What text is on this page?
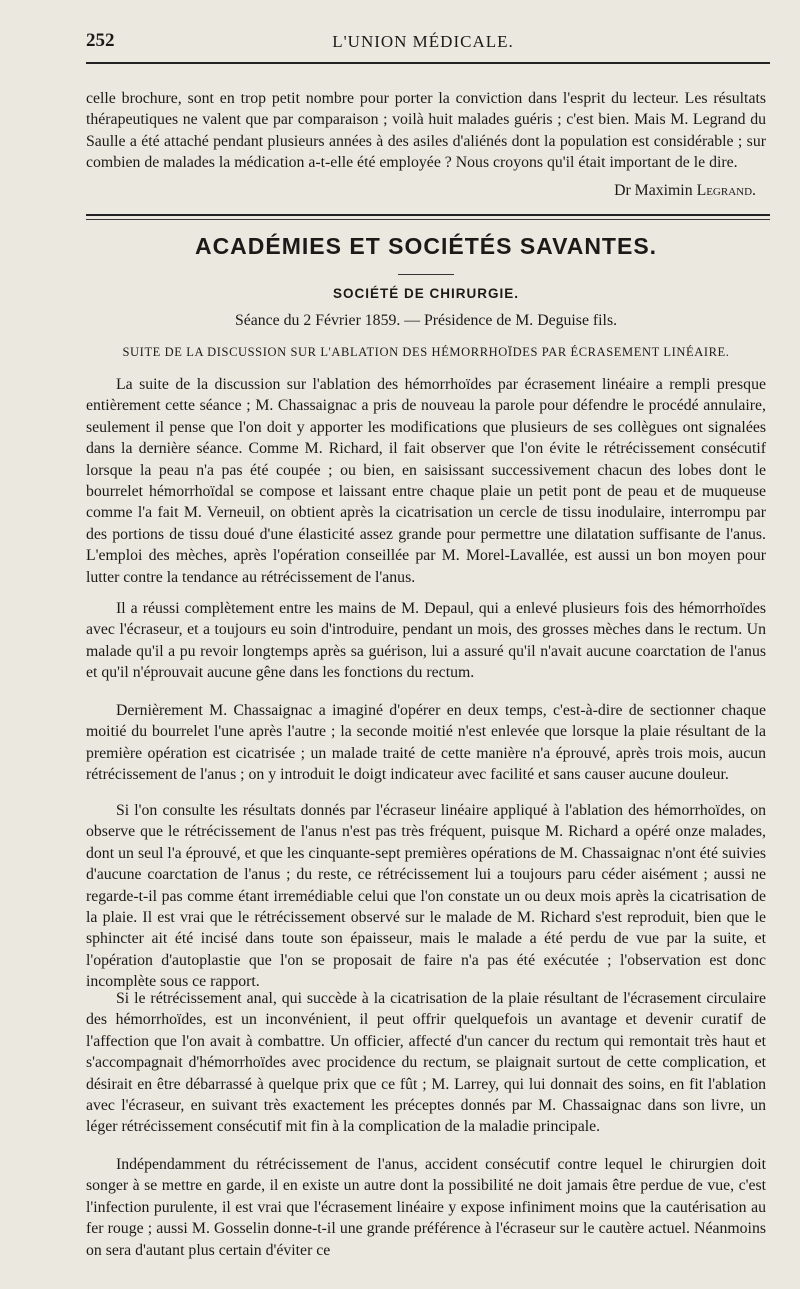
252	L'UNION MÉDICALE.

celle brochure, sont en trop petit nombre pour porter la conviction dans l'esprit du lecteur. Les résultats thérapeutiques ne valent que par comparaison ; voilà huit malades guéris ; c'est bien. Mais M. Legrand du Saulle a été attaché pendant plusieurs années à des asiles d'aliénés dont la population est considérable ; sur combien de malades la médication a-t-elle été employée ? Nous croyons qu'il était important de le dire.

Dr Maximin Legrand.
ACADÉMIES ET SOCIÉTÉS SAVANTES.
SOCIÉTÉ DE CHIRURGIE.
Séance du 2 Février 1859. — Présidence de M. Deguise fils.
SUITE DE LA DISCUSSION SUR L'ABLATION DES HÉMORRHOÏDES PAR ÉCRASEMENT LINÉAIRE.

La suite de la discussion sur l'ablation des hémorrhoïdes par écrasement linéaire a rempli presque entièrement cette séance ; M. Chassaignac a pris de nouveau la parole pour défendre le procédé annulaire, seulement il pense que l'on doit y apporter les modifications que plusieurs de ses collègues ont signalées dans la dernière séance. Comme M. Richard, il fait observer que l'on évite le rétrécissement consécutif lorsque la peau n'a pas été coupée ; ou bien, en saisissant successivement chacun des lobes dont le bourrelet hémorrhoïdal se compose et laissant entre chaque plaie un petit pont de peau et de muqueuse comme l'a fait M. Verneuil, on obtient après la cicatrisation un cercle de tissu inodulaire, interrompu par des portions de tissu doué d'une élasticité assez grande pour permettre une dilatation suffisante de l'anus. L'emploi des mèches, après l'opération conseillée par M. Morel-Lavallée, est aussi un bon moyen pour lutter contre la tendance au rétrécissement de l'anus.

Il a réussi complètement entre les mains de M. Depaul, qui a enlevé plusieurs fois des hémorrhoïdes avec l'écraseur, et a toujours eu soin d'introduire, pendant un mois, des grosses mèches dans le rectum. Un malade qu'il a pu revoir longtemps après sa guérison, lui a assuré qu'il n'avait aucune coarctation de l'anus et qu'il n'éprouvait aucune gêne dans les fonctions du rectum.

Dernièrement M. Chassaignac a imaginé d'opérer en deux temps, c'est-à-dire de sectionner chaque moitié du bourrelet l'une après l'autre ; la seconde moitié n'est enlevée que lorsque la plaie résultant de la première opération est cicatrisée ; un malade traité de cette manière n'a éprouvé, après trois mois, aucun rétrécissement de l'anus ; on y introduit le doigt indicateur avec facilité et sans causer aucune douleur.

Si l'on consulte les résultats donnés par l'écraseur linéaire appliqué à l'ablation des hémorrhoïdes, on observe que le rétrécissement de l'anus n'est pas très fréquent, puisque M. Richard a opéré onze malades, dont un seul l'a éprouvé, et que les cinquante-sept premières opérations de M. Chassaignac n'ont été suivies d'aucune coarctation de l'anus ; du reste, ce rétrécissement lui a toujours paru céder aisément ; aussi ne regarde-t-il pas comme étant irremédiable celui que l'on constate un ou deux mois après la cicatrisation de la plaie. Il est vrai que le rétrécissement observé sur le malade de M. Richard s'est reproduit, bien que le sphincter ait été incisé dans toute son épaisseur, mais le malade a été perdu de vue par la suite, et l'opération d'autoplastie que l'on se proposait de faire n'a pas été exécutée ; l'observation est donc incomplète sous ce rapport.

Si le rétrécissement anal, qui succède à la cicatrisation de la plaie résultant de l'écrasement circulaire des hémorrhoïdes, est un inconvénient, il peut offrir quelquefois un avantage et devenir curatif de l'affection que l'on avait à combattre. Un officier, affecté d'un cancer du rectum qui remontait très haut et s'accompagnait d'hémorrhoïdes avec procidence du rectum, se plaignait surtout de cette complication, et désirait en être débarrassé à quelque prix que ce fût ; M. Larrey, qui lui donnait des soins, en fit l'ablation avec l'écraseur, en suivant très exactement les préceptes donnés par M. Chassaignac dans son livre, un léger rétrécissement consécutif mit fin à la complication de la maladie principale.

Indépendamment du rétrécissement de l'anus, accident consécutif contre lequel le chirurgien doit songer à se mettre en garde, il en existe un autre dont la possibilité ne doit jamais être perdue de vue, c'est l'infection purulente, il est vrai que l'écrasement linéaire y expose infiniment moins que la cautérisation au fer rouge ; aussi M. Gosselin donne-t-il une grande préférence à l'écraseur sur le cautère actuel. Néanmoins on sera d'autant plus certain d'éviter ce
